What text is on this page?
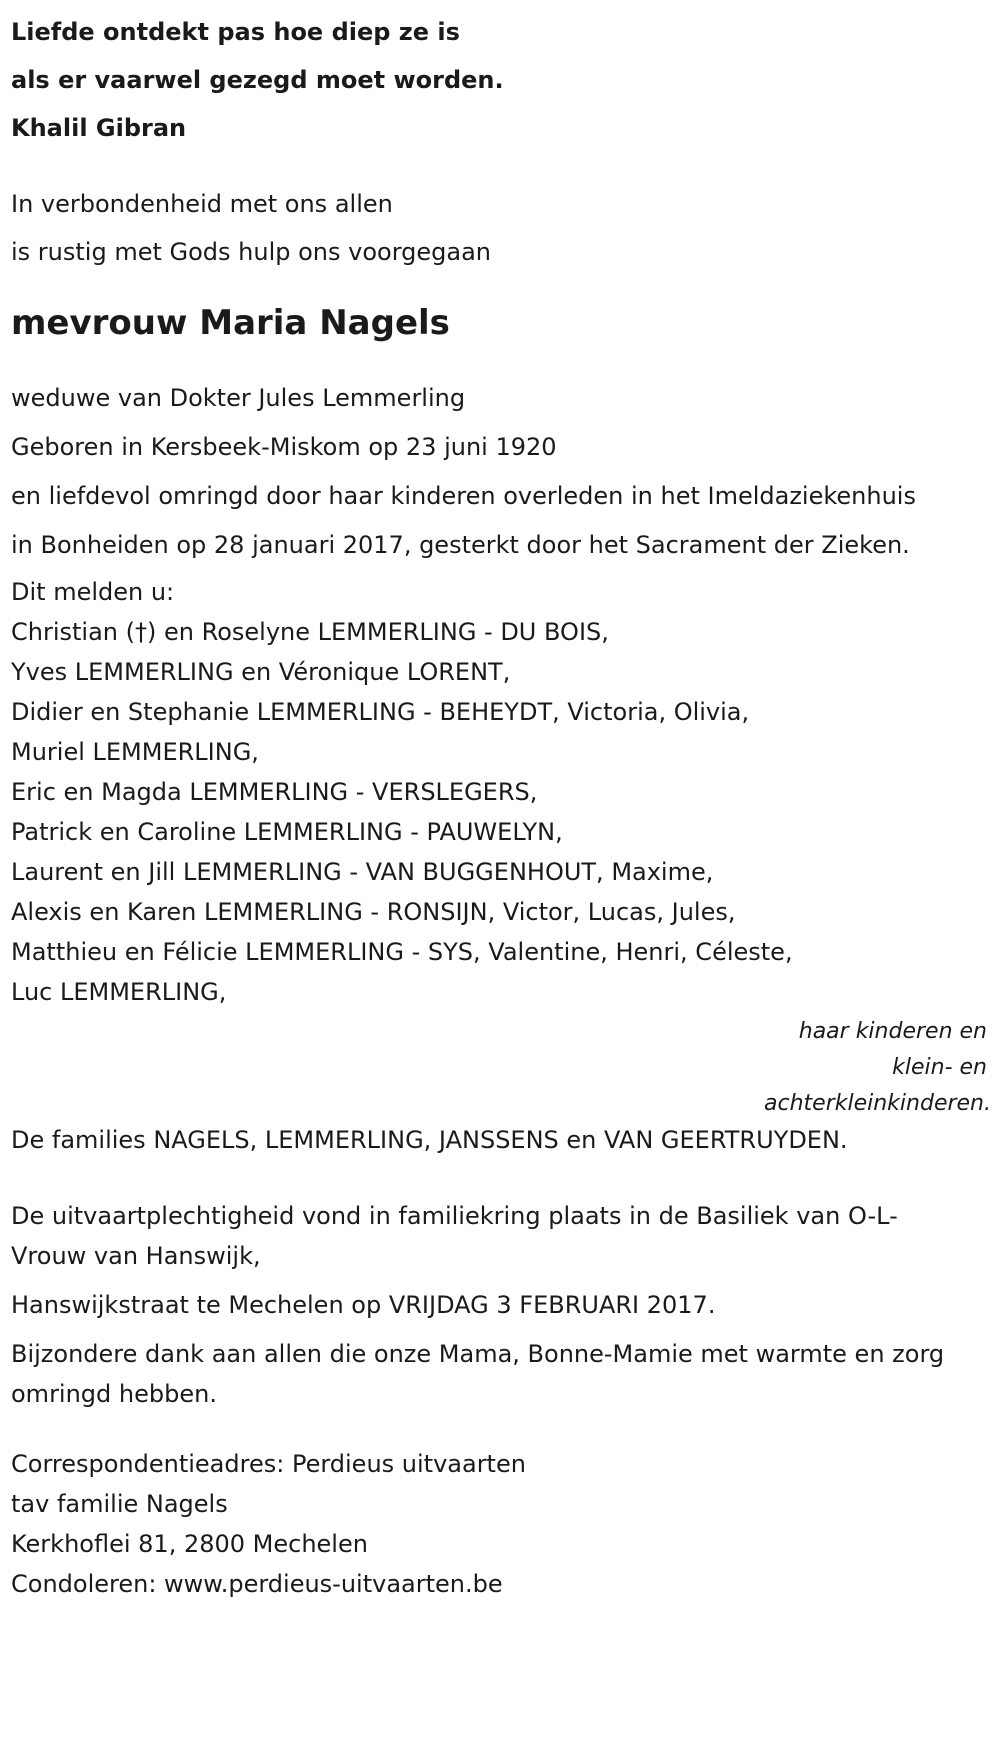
Liefde ontdekt pas hoe diep ze is
als er vaarwel gezegd moet worden.
Khalil Gibran
In verbondenheid met ons allen
is rustig met Gods hulp ons voorgegaan
mevrouw Maria Nagels
weduwe van Dokter Jules Lemmerling
Geboren in Kersbeek-Miskom op 23 juni 1920
en liefdevol omringd door haar kinderen overleden in het Imeldaziekenhuis
in Bonheiden op 28 januari 2017, gesterkt door het Sacrament der Zieken.
Dit melden u:
Christian (†) en Roselyne LEMMERLING - DU BOIS,
Yves LEMMERLING en Véronique LORENT,
Didier en Stephanie LEMMERLING - BEHEYDT, Victoria, Olivia,
Muriel LEMMERLING,
Eric en Magda LEMMERLING - VERSLEGERS,
Patrick en Caroline LEMMERLING - PAUWELYN,
Laurent en Jill LEMMERLING - VAN BUGGENHOUT, Maxime,
Alexis en Karen LEMMERLING - RONSIJN, Victor, Lucas, Jules,
Matthieu en Félicie LEMMERLING - SYS, Valentine, Henri, Céleste,
Luc LEMMERLING,
haar kinderen en
klein- en
achterkleinkinderen.
De families NAGELS, LEMMERLING, JANSSENS en VAN GEERTRUYDEN.
De uitvaartplechtigheid vond in familiekring plaats in de Basiliek van O-L-Vrouw van Hanswijk,
Hanswijkstraat te Mechelen op VRIJDAG 3 FEBRUARI 2017.
Bijzondere dank aan allen die onze Mama, Bonne-Mamie met warmte en zorg omringd hebben.
Correspondentieadres: Perdieus uitvaarten
tav familie Nagels
Kerkhoflei 81, 2800 Mechelen
Condoleren: www.perdieus-uitvaarten.be
